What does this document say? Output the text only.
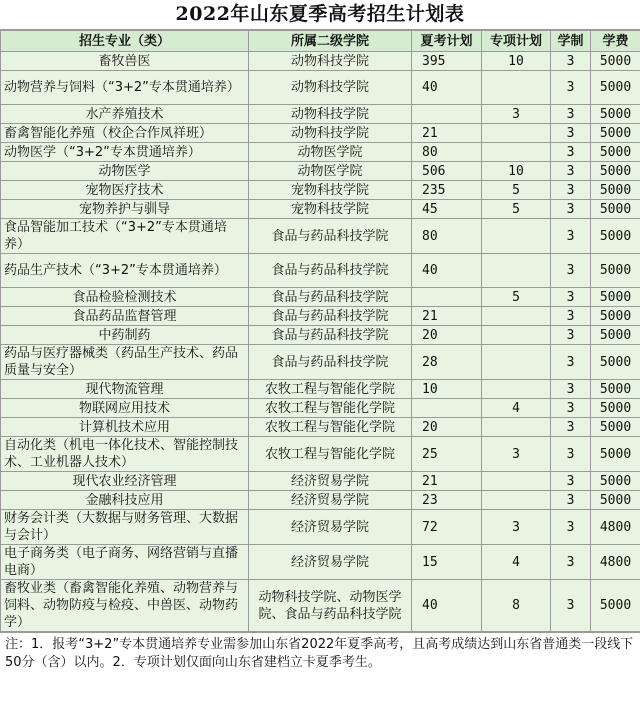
2022年山东夏季高考招生计划表
招生专业（类）	所属二级学院	夏考计划	专项计划	学制	学费
畜牧兽医	动物科技学院	395	10	3	5000
动物营养与饲料（“3+2”专本贯通培养）	动物科技学院	40		3	5000
水产养殖技术	动物科技学院		3	3	5000
畜禽智能化养殖（校企合作凤祥班）	动物科技学院	21		3	5000
动物医学（“3+2”专本贯通培养）	动物医学院	80		3	5000
动物医学	动物医学院	506	10	3	5000
宠物医疗技术	宠物科技学院	235	5	3	5000
宠物养护与驯导	宠物科技学院	45	5	3	5000
食品智能加工技术（“3+2”专本贯通培养）	食品与药品科技学院	80		3	5000
药品生产技术（“3+2”专本贯通培养）	食品与药品科技学院	40		3	5000
食品检验检测技术	食品与药品科技学院		5	3	5000
食品药品监督管理	食品与药品科技学院	21		3	5000
中药制药	食品与药品科技学院	20		3	5000
药品与医疗器械类（药品生产技术、药品质量与安全）	食品与药品科技学院	28		3	5000
现代物流管理	农牧工程与智能化学院	10		3	5000
物联网应用技术	农牧工程与智能化学院		4	3	5000
计算机技术应用	农牧工程与智能化学院	20		3	5000
自动化类（机电一体化技术、智能控制技术、工业机器人技术）	农牧工程与智能化学院	25	3	3	5000
现代农业经济管理	经济贸易学院	21		3	5000
金融科技应用	经济贸易学院	23		3	5000
财务会计类（大数据与财务管理、大数据与会计）	经济贸易学院	72	3	3	4800
电子商务类（电子商务、网络营销与直播电商）	经济贸易学院	15	4	3	4800
畜牧业类（畜禽智能化养殖、动物营养与饲料、动物防疫与检疫、中兽医、动物药学）	动物科技学院、动物医学院、食品与药品科技学院	40	8	3	5000
注：1．报考“3+2”专本贯通培养专业需参加山东省2022年夏季高考，且高考成绩达到山东省普通类一段线下50分（含）以内。2．专项计划仅面向山东省建档立卡夏季考生。
